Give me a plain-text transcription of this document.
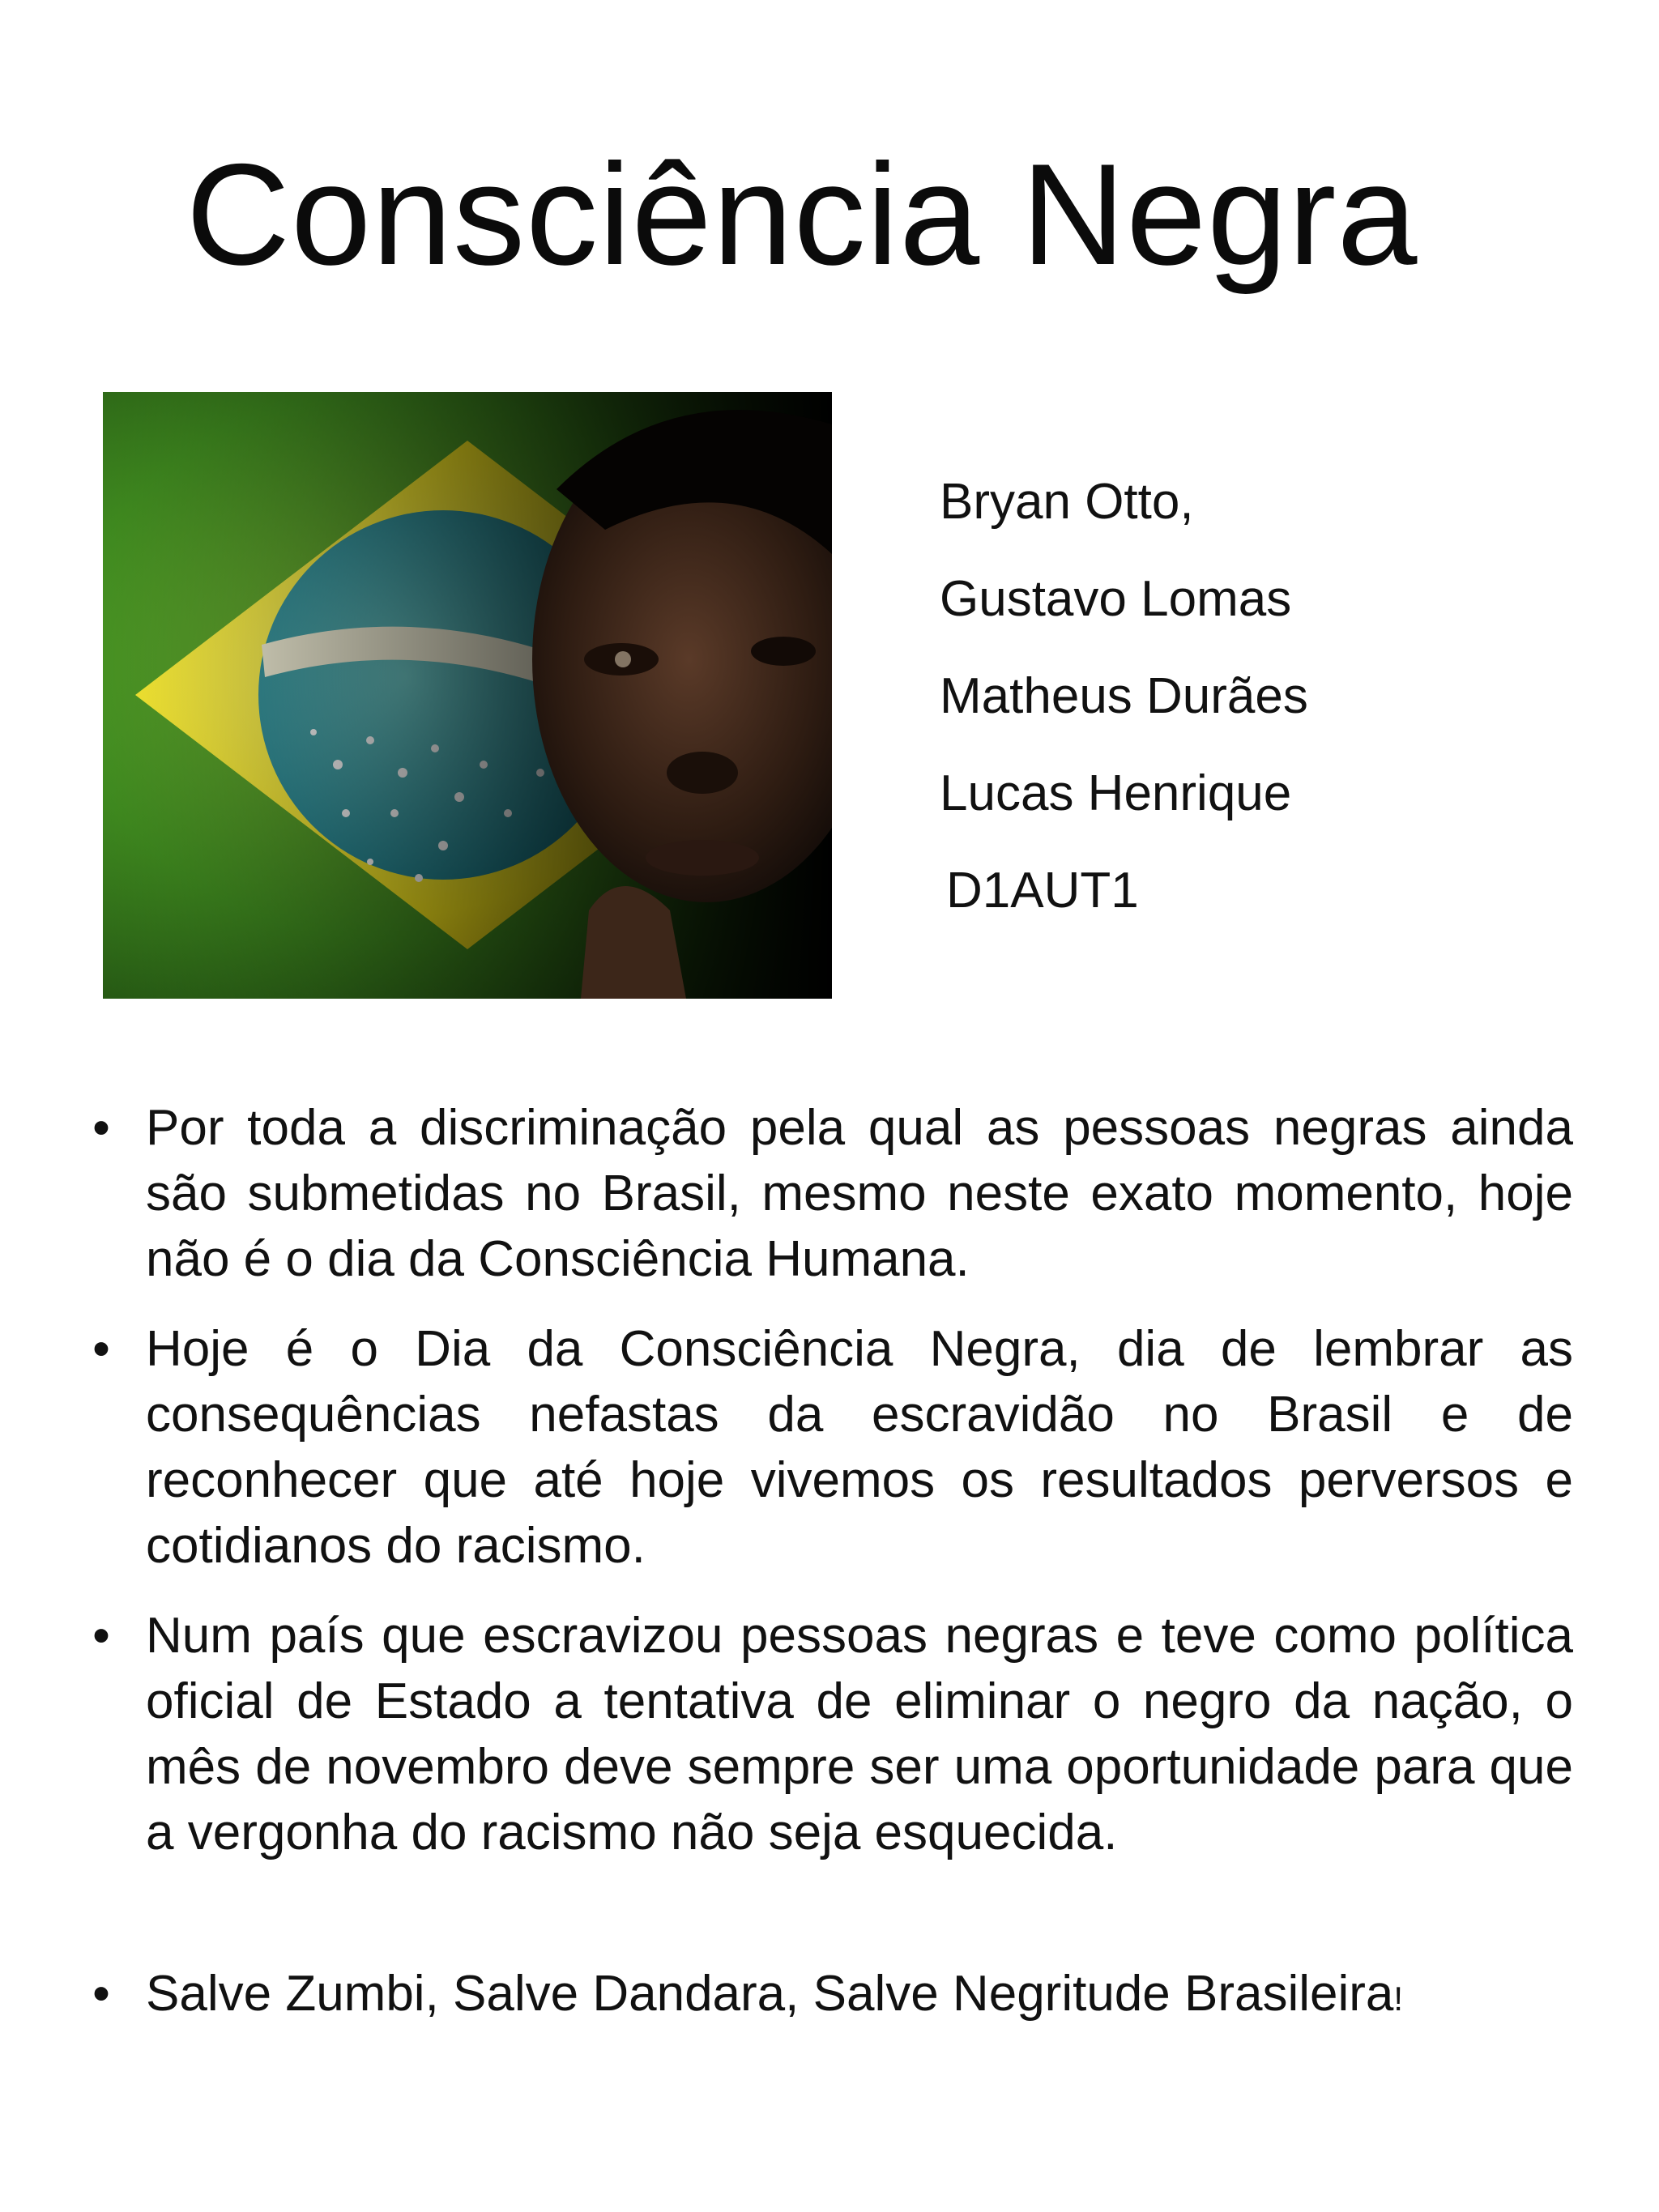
Consciência Negra
Bryan Otto,
Gustavo Lomas
Matheus Durães
Lucas Henrique
D1AUT1
• Por toda a discriminação pela qual as pessoas negras ainda são submetidas no Brasil, mesmo neste exato momento, hoje não é o dia da Consciência Humana.
• Hoje é o Dia da Consciência Negra, dia de lembrar as consequências nefastas da escravidão no Brasil e de reconhecer que até hoje vivemos os resultados perversos e cotidianos do racismo.
• Num país que escravizou pessoas negras e teve como política oficial de Estado a tentativa de eliminar o negro da nação, o mês de novembro deve sempre ser uma oportunidade para que a vergonha do racismo não seja esquecida.
• Salve Zumbi, Salve Dandara, Salve Negritude Brasileira!
